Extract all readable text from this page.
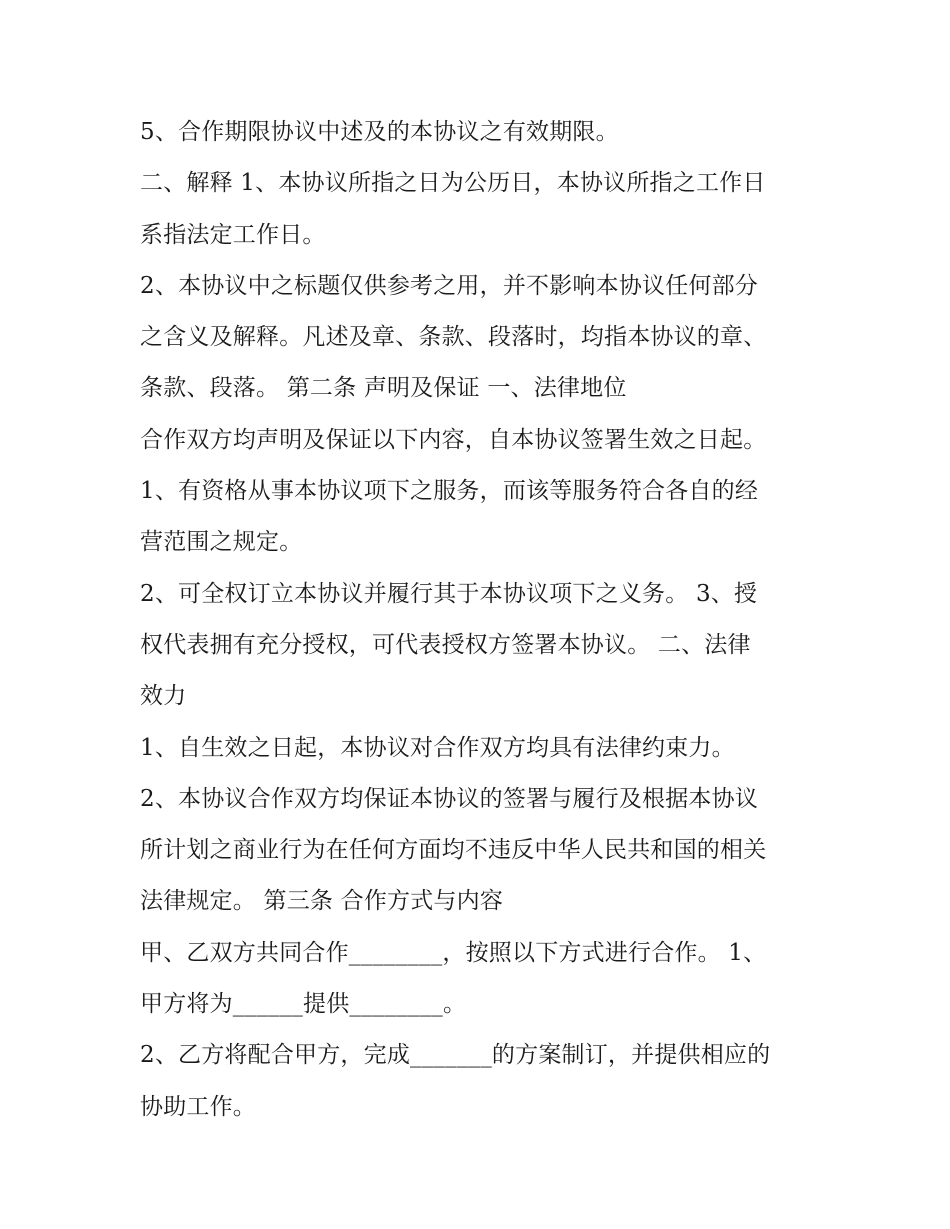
5、合作期限协议中述及的本协议之有效期限。
二、解释 1、本协议所指之日为公历日，本协议所指之工作日
系指法定工作日。
2、本协议中之标题仅供参考之用，并不影响本协议任何部分
之含义及解释。凡述及章、条款、段落时，均指本协议的章、
条款、段落。 第二条 声明及保证 一、法律地位
合作双方均声明及保证以下内容，自本协议签署生效之日起。
1、有资格从事本协议项下之服务，而该等服务符合各自的经
营范围之规定。
2、可全权订立本协议并履行其于本协议项下之义务。 3、授
权代表拥有充分授权，可代表授权方签署本协议。 二、法律
效力
1、自生效之日起，本协议对合作双方均具有法律约束力。
2、本协议合作双方均保证本协议的签署与履行及根据本协议
所计划之商业行为在任何方面均不违反中华人民共和国的相关
法律规定。 第三条 合作方式与内容
甲、乙双方共同合作________，按照以下方式进行合作。 1、
甲方将为______提供________。
2、乙方将配合甲方，完成_______的方案制订，并提供相应的
协助工作。
